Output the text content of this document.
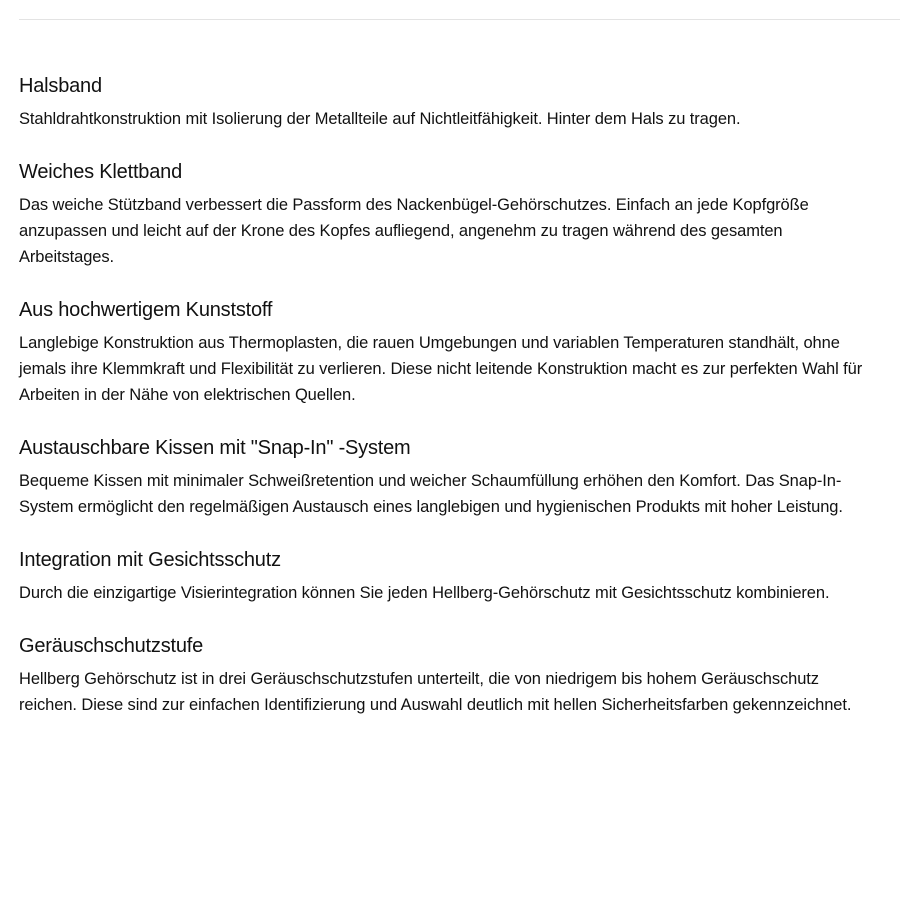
Halsband

Stahldrahtkonstruktion mit Isolierung der Metallteile auf Nichtleitfähigkeit. Hinter dem Hals zu tragen.

Weiches Klettband

Das weiche Stützband verbessert die Passform des Nackenbügel-Gehörschutzes. Einfach an jede Kopfgröße anzupassen und leicht auf der Krone des Kopfes aufliegend, angenehm zu tragen während des gesamten Arbeitstages.

Aus hochwertigem Kunststoff

Langlebige Konstruktion aus Thermoplasten, die rauen Umgebungen und variablen Temperaturen standhält, ohne jemals ihre Klemmkraft und Flexibilität zu verlieren. Diese nicht leitende Konstruktion macht es zur perfekten Wahl für Arbeiten in der Nähe von elektrischen Quellen.

Austauschbare Kissen mit "Snap-In" -System

Bequeme Kissen mit minimaler Schweißretention und weicher Schaumfüllung erhöhen den Komfort. Das Snap-In-System ermöglicht den regelmäßigen Austausch eines langlebigen und hygienischen Produkts mit hoher Leistung.

Integration mit Gesichtsschutz

Durch die einzigartige Visierintegration können Sie jeden Hellberg-Gehörschutz mit Gesichtsschutz kombinieren.

Geräuschschutzstufe

Hellberg Gehörschutz ist in drei Geräuschschutzstufen unterteilt, die von niedrigem bis hohem Geräuschschutz reichen. Diese sind zur einfachen Identifizierung und Auswahl deutlich mit hellen Sicherheitsfarben gekennzeichnet.
